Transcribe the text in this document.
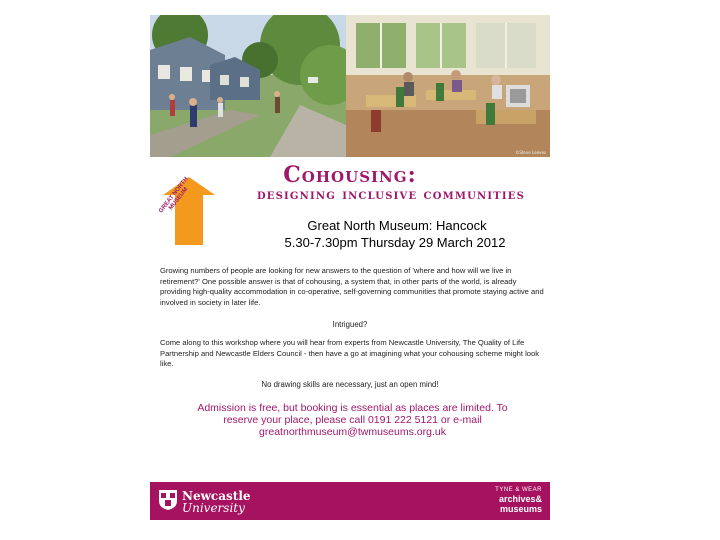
©Steve Leeves
Cohousing:
designing inclusive communities
GREAT NORTH MUSEUM
Great North Museum: Hancock
5.30-7.30pm Thursday 29 March 2012
Growing numbers of people are looking for new answers to the question of 'where and how will we live in retirement?' One possible answer is that of cohousing, a system that, in other parts of the world, is already providing high-quality accommodation in co-operative, self-governing communities that promote staying active and involved in society in later life.
Intrigued?
Come along to this workshop where you will hear from experts from Newcastle University, The Quality of Life Partnership and Newcastle Elders Council - then have a go at imagining what your cohousing scheme might look like.
No drawing skills are necessary, just an open mind!
Admission is free, but booking is essential as places are limited. To
reserve your place, please call 0191 222 5121 or e-mail
greatnorthmuseum@twmuseums.org.uk
Newcastle
University
TYNE & WEAR
archives&
museums
